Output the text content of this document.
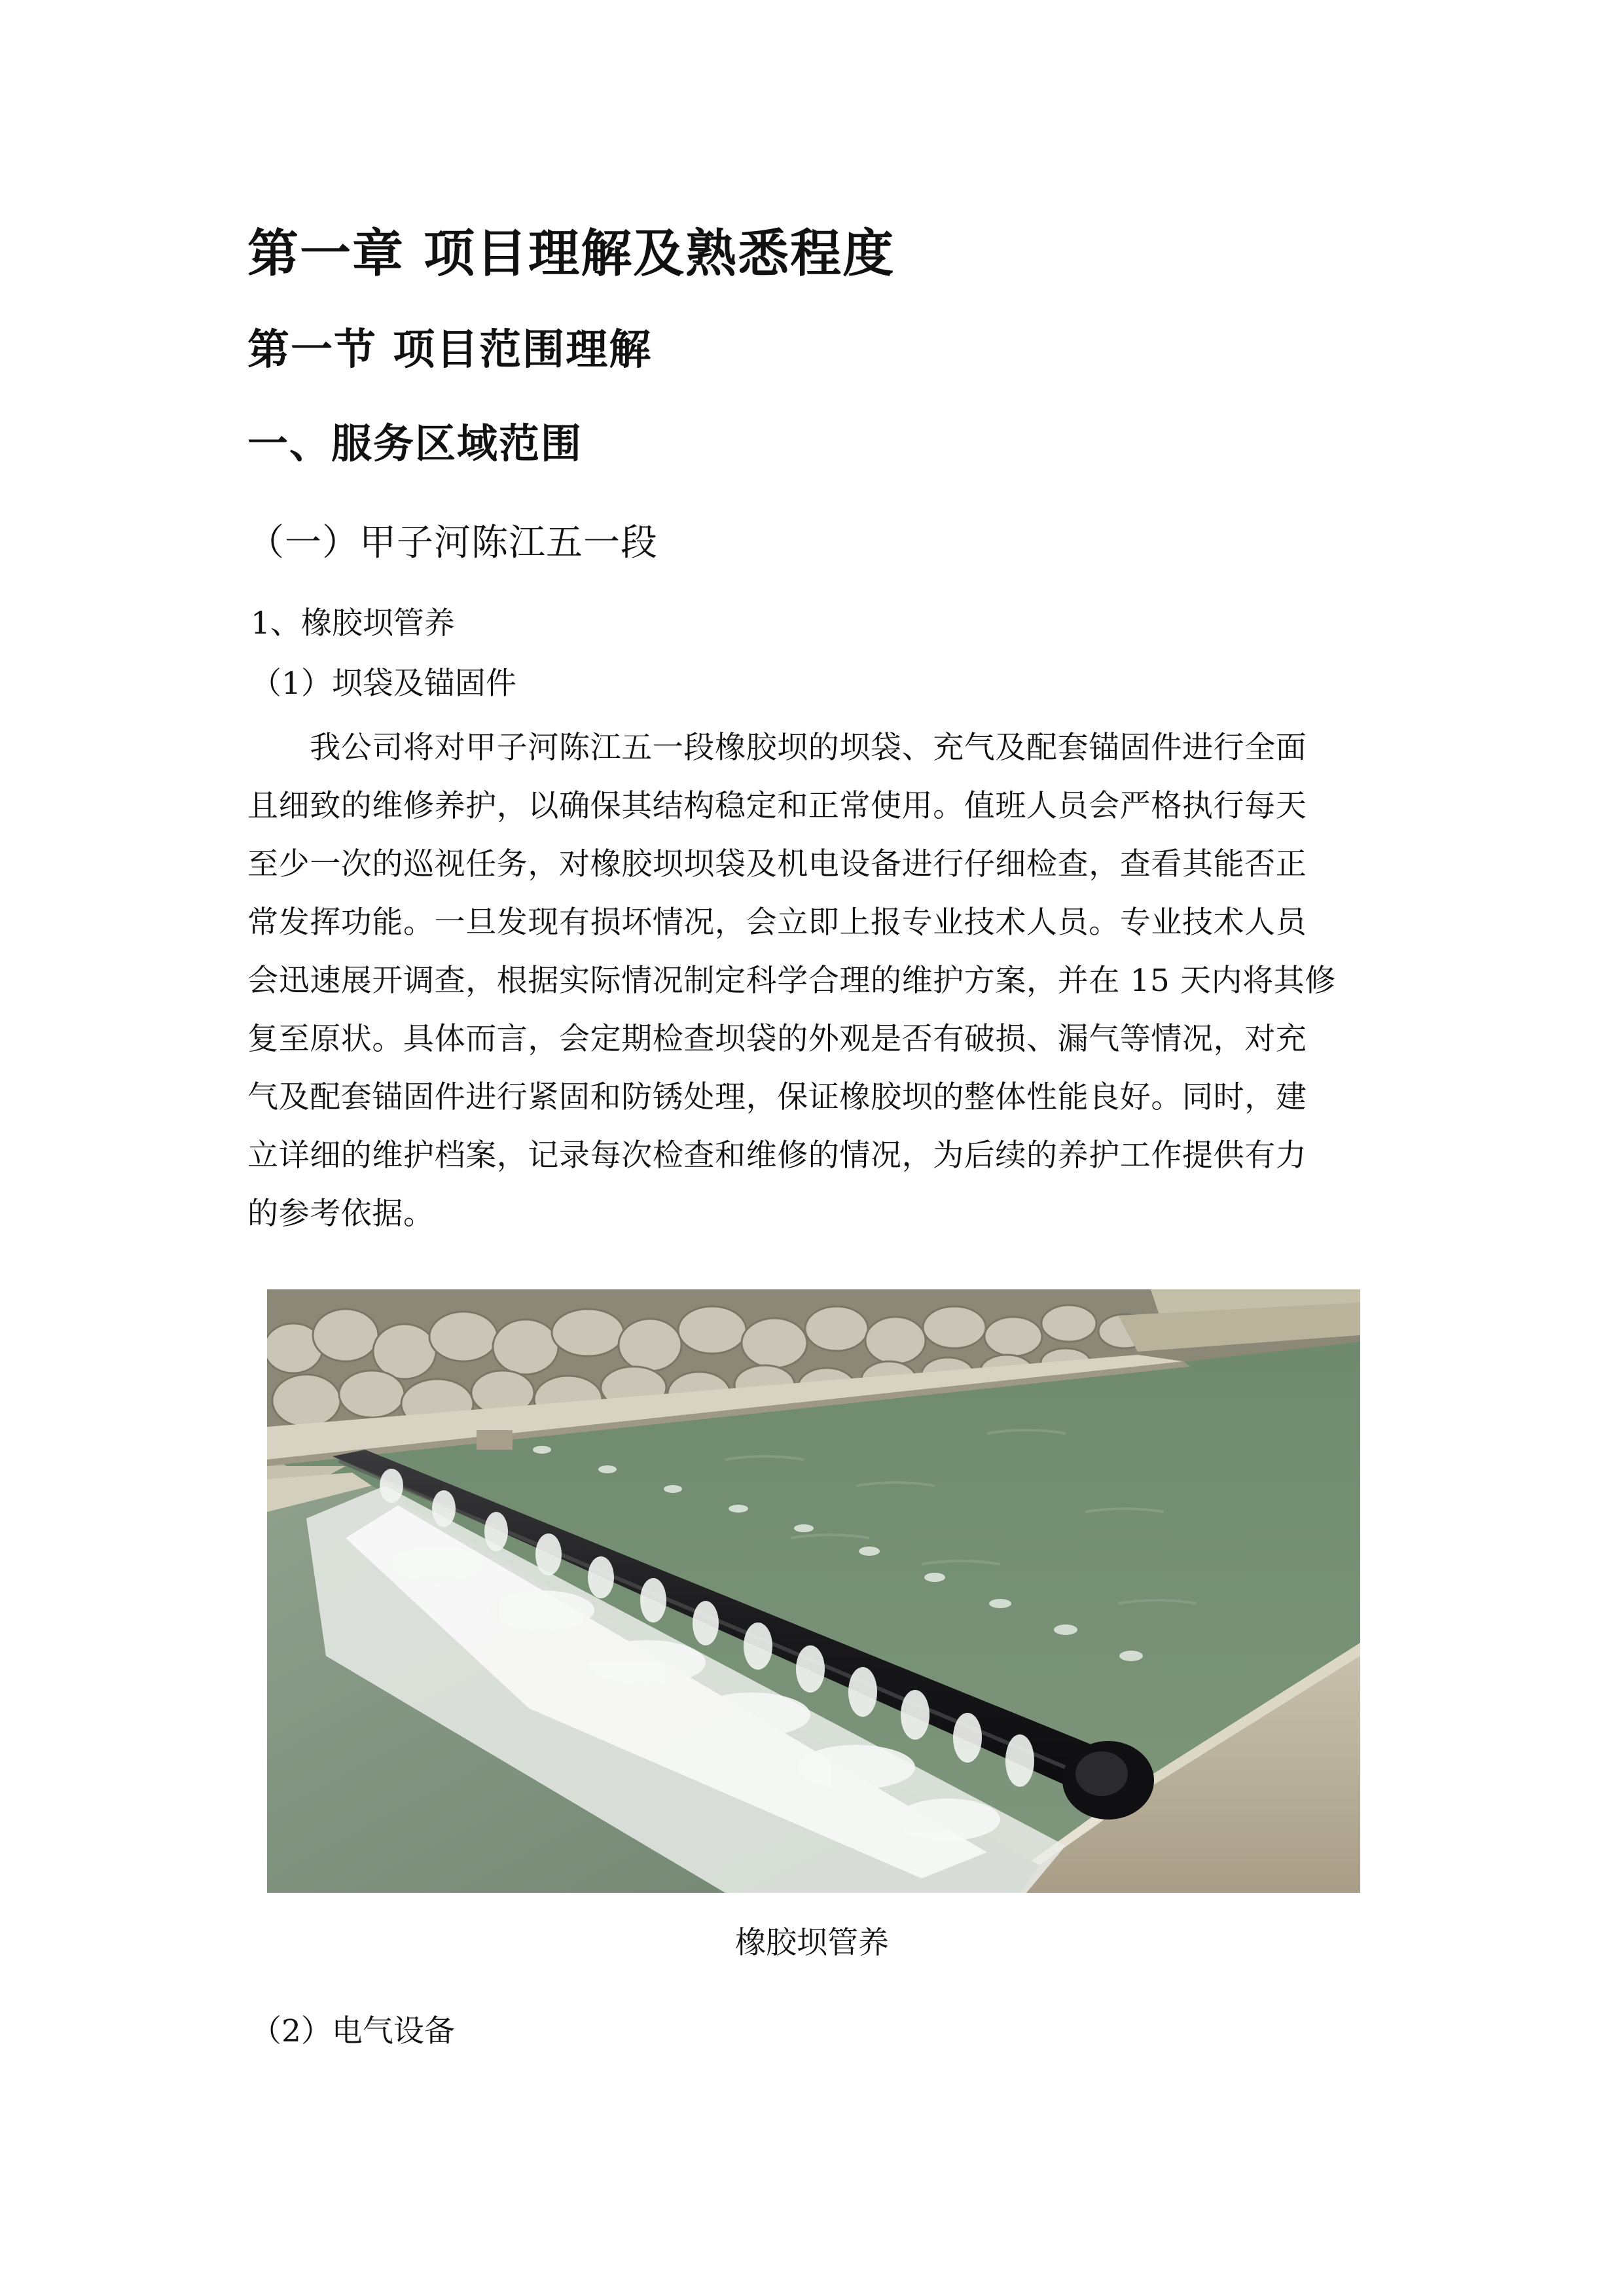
第一章 项目理解及熟悉程度
第一节 项目范围理解
一、服务区域范围
（一）甲子河陈江五一段
1、橡胶坝管养
（1）坝袋及锚固件
　　我公司将对甲子河陈江五一段橡胶坝的坝袋、充气及配套锚固件进行全面
且细致的维修养护，以确保其结构稳定和正常使用。值班人员会严格执行每天
至少一次的巡视任务，对橡胶坝坝袋及机电设备进行仔细检查，查看其能否正
常发挥功能。一旦发现有损坏情况，会立即上报专业技术人员。专业技术人员
会迅速展开调查，根据实际情况制定科学合理的维护方案，并在 15 天内将其修
复至原状。具体而言，会定期检查坝袋的外观是否有破损、漏气等情况，对充
气及配套锚固件进行紧固和防锈处理，保证橡胶坝的整体性能良好。同时，建
立详细的维护档案，记录每次检查和维修的情况，为后续的养护工作提供有力
的参考依据。
橡胶坝管养
（2）电气设备
